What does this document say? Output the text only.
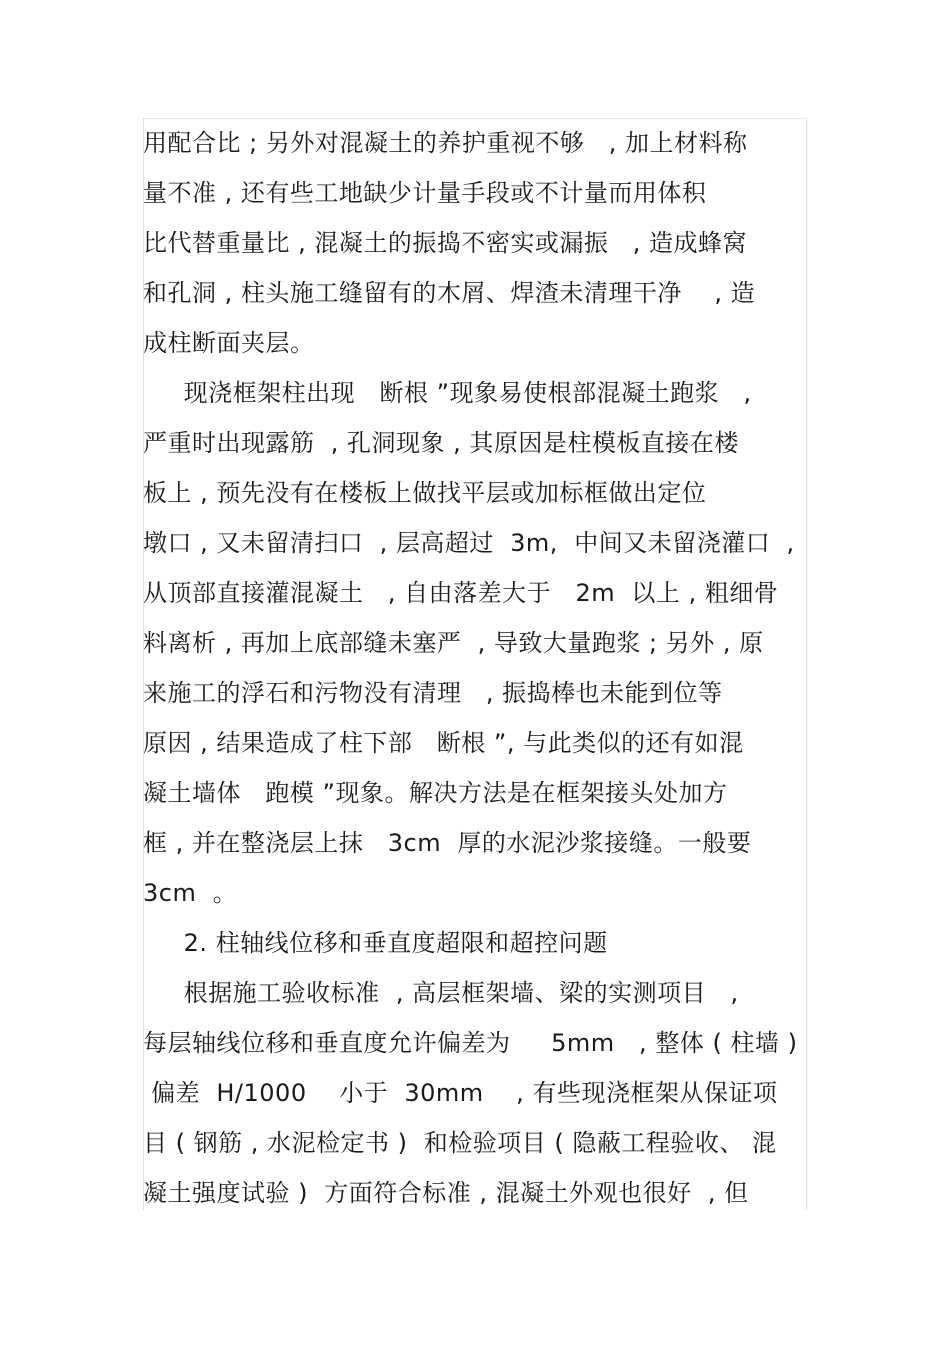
用配合比 ; 另外对混凝土的养护重视不够   , 加上材料称
量不准 , 还有些工地缺少计量手段或不计量而用体积
比代替重量比 , 混凝土的振捣不密实或漏振   , 造成蜂窝
和孔洞 , 柱头施工缝留有的木屑、焊渣未清理干净    , 造
成柱断面夹层。
现浇框架柱出现   断根 ”现象易使根部混凝土跑浆   ,
严重时出现露筋  , 孔洞现象 , 其原因是柱模板直接在楼
板上 , 预先没有在楼板上做找平层或加标框做出定位
墩口 , 又未留清扫口  , 层高超过  3m,  中间又未留浇灌口  ,
从顶部直接灌混凝土   , 自由落差大于   2m  以上 , 粗细骨
料离析 , 再加上底部缝未塞严  , 导致大量跑浆 ; 另外 , 原
来施工的浮石和污物没有清理   , 振捣棒也未能到位等
原因 , 结果造成了柱下部   断根 ”, 与此类似的还有如混
凝土墙体   跑模 ”现象。解决方法是在框架接头处加方
框 , 并在整浇层上抹   3cm  厚的水泥沙浆接缝。一般要
3cm  。
2. 柱轴线位移和垂直度超限和超控问题
根据施工验收标准  , 高层框架墙、梁的实测项目   ,
每层轴线位移和垂直度允许偏差为     5mm   , 整体 ( 柱墙 )
偏差  H/1000    小于  30mm    , 有些现浇框架从保证项
目 ( 钢筋 , 水泥检定书 )  和检验项目 ( 隐蔽工程验收、 混
凝土强度试验 )  方面符合标准 , 混凝土外观也很好  , 但
